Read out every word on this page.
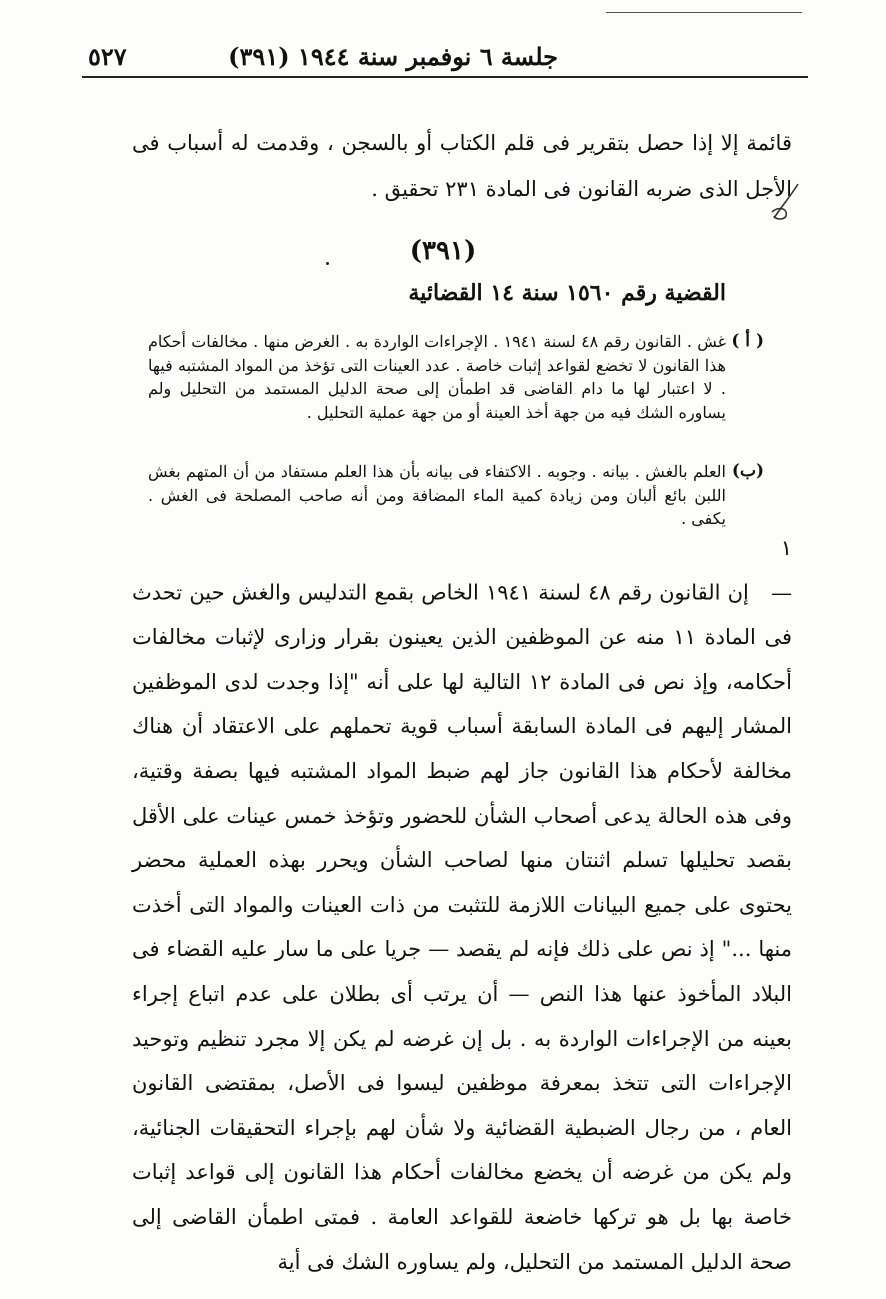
٥٢٧	جلسة ٦ نوفمبر سنة ١٩٤٤ (٣٩١)
قائمة إلا إذا حصل بتقرير فى قلم الكتاب أو بالسجن ، وقدمت له أسباب فى الأجل الذى ضربه القانون فى المادة ٢٣١ تحقيق .
(٣٩١)
القضية رقم ١٥٦٠ سنة ١٤ القضائية
( أ )
غش . القانون رقم ٤٨ لسنة ١٩٤١ . الإجراءات الواردة به . الغرض منها . مخالفات أحكام هذا القانون لا تخضع لقواعد إثبات خاصة . عدد العينات التى تؤخذ من المواد المشتبه فيها . لا اعتبار لها ما دام القاضى قد اطمأن إلى صحة الدليل المستمد من التحليل ولم يساوره الشك فيه من جهة أخذ العينة أو من جهة عملية التحليل .
(ب)
العلم بالغش . بيانه . وجوبه . الاكتفاء فى بيانه بأن هذا العلم مستفاد من أن المتهم بغش اللبن بائع ألبان ومن زيادة كمية الماء المضافة ومن أنه صاحب المصلحة فى الغش . يكفى .
١ — إن القانون رقم ٤٨ لسنة ١٩٤١ الخاص بقمع التدليس والغش حين تحدث فى المادة ١١ منه عن الموظفين الذين يعينون بقرار وزارى لإثبات مخالفات أحكامه، وإذ نص فى المادة ١٢ التالية لها على أنه "إذا وجدت لدى الموظفين المشار إليهم فى المادة السابقة أسباب قوية تحملهم على الاعتقاد أن هناك مخالفة لأحكام هذا القانون جاز لهم ضبط المواد المشتبه فيها بصفة وقتية، وفى هذه الحالة يدعى أصحاب الشأن للحضور وتؤخذ خمس عينات على الأقل بقصد تحليلها تسلم اثنتان منها لصاحب الشأن ويحرر بهذه العملية محضر يحتوى على جميع البيانات اللازمة للتثبت من ذات العينات والمواد التى أخذت منها ..." إذ نص على ذلك فإنه لم يقصد — جريا على ما سار عليه القضاء فى البلاد المأخوذ عنها هذا النص — أن يرتب أى بطلان على عدم اتباع إجراء بعينه من الإجراءات الواردة به . بل إن غرضه لم يكن إلا مجرد تنظيم وتوحيد الإجراءات التى تتخذ بمعرفة موظفين ليسوا فى الأصل، بمقتضى القانون العام ، من رجال الضبطية القضائية ولا شأن لهم بإجراء التحقيقات الجنائية، ولم يكن من غرضه أن يخضع مخالفات أحكام هذا القانون إلى قواعد إثبات خاصة بها بل هو تركها خاضعة للقواعد العامة . فمتى اطمأن القاضى إلى صحة الدليل المستمد من التحليل، ولم يساوره الشك فى أية
